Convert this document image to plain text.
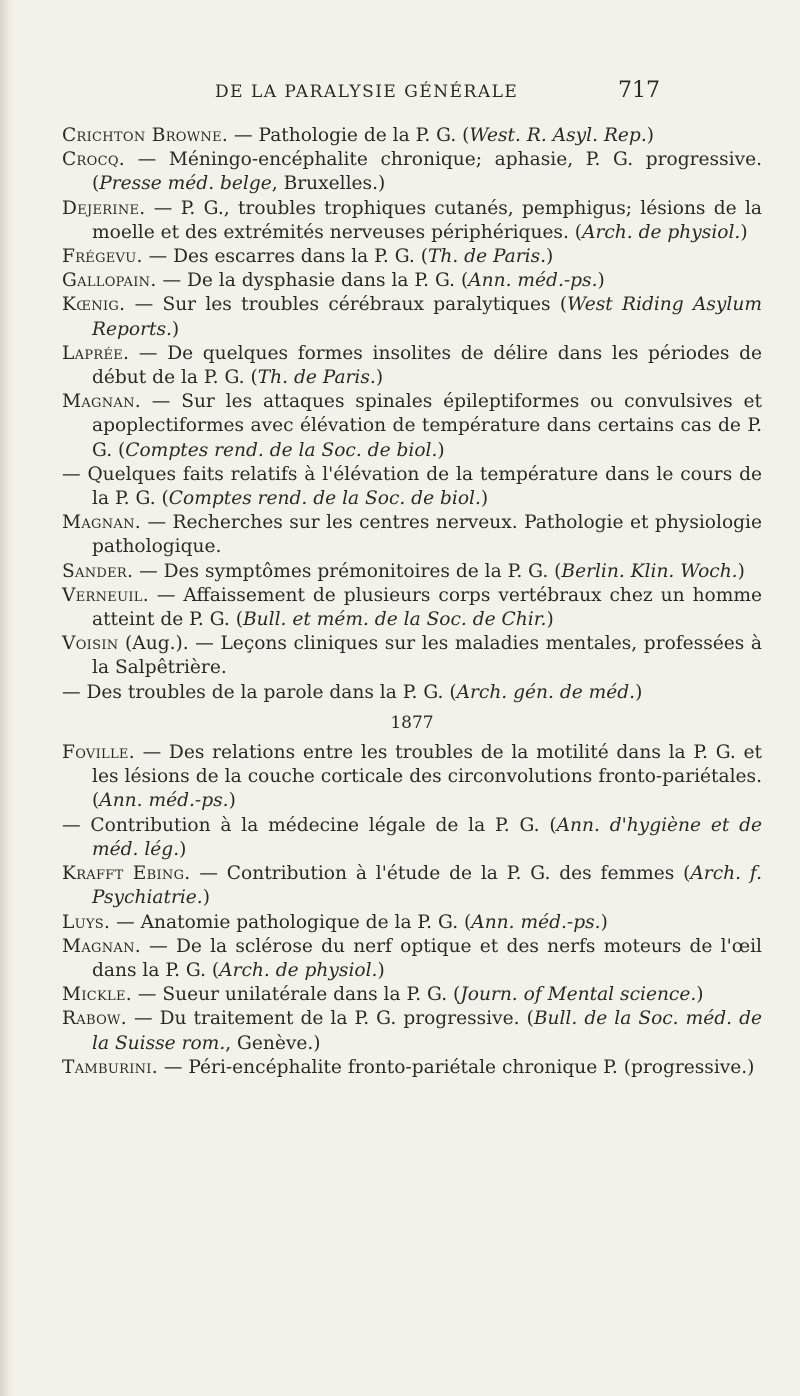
DE LA PARALYSIE GÉNÉRALE	717

Crichton Browne. — Pathologie de la P. G. (West. R. Asyl. Rep.)

Crocq. — Méningo-encéphalite chronique; aphasie, P. G. progressive. (Presse méd. belge, Bruxelles.)

Dejerine. — P. G., troubles trophiques cutanés, pemphigus; lésions de la moelle et des extrémités nerveuses périphériques. (Arch. de physiol.)

Frégevu. — Des escarres dans la P. G. (Th. de Paris.)

Gallopain. — De la dysphasie dans la P. G. (Ann. méd.-ps.)

Kœnig. — Sur les troubles cérébraux paralytiques (West Riding Asylum Reports.)

Laprée. — De quelques formes insolites de délire dans les périodes de début de la P. G. (Th. de Paris.)

Magnan. — Sur les attaques spinales épileptiformes ou convulsives et apoplectiformes avec élévation de température dans certains cas de P. G. (Comptes rend. de la Soc. de biol.)

— Quelques faits relatifs à l'élévation de la température dans le cours de la P. G. (Comptes rend. de la Soc. de biol.)

Magnan. — Recherches sur les centres nerveux. Pathologie et physiologie pathologique.

Sander. — Des symptômes prémonitoires de la P. G. (Berlin. Klin. Woch.)

Verneuil. — Affaissement de plusieurs corps vertébraux chez un homme atteint de P. G. (Bull. et mém. de la Soc. de Chir.)

Voisin (Aug.). — Leçons cliniques sur les maladies mentales, professées à la Salpêtrière.

— Des troubles de la parole dans la P. G. (Arch. gén. de méd.)

1877

Foville. — Des relations entre les troubles de la motilité dans la P. G. et les lésions de la couche corticale des circonvolutions fronto-pariétales. (Ann. méd.-ps.)

— Contribution à la médecine légale de la P. G. (Ann. d'hygiène et de méd. lég.)

Krafft Ebing. — Contribution à l'étude de la P. G. des femmes (Arch. f. Psychiatrie.)

Luys. — Anatomie pathologique de la P. G. (Ann. méd.-ps.)

Magnan. — De la sclérose du nerf optique et des nerfs moteurs de l'œil dans la P. G. (Arch. de physiol.)

Mickle. — Sueur unilatérale dans la P. G. (Journ. of Mental science.)

Rabow. — Du traitement de la P. G. progressive. (Bull. de la Soc. méd. de la Suisse rom., Genève.)

Tamburini. — Péri-encéphalite fronto-pariétale chronique P. (progressive.)
